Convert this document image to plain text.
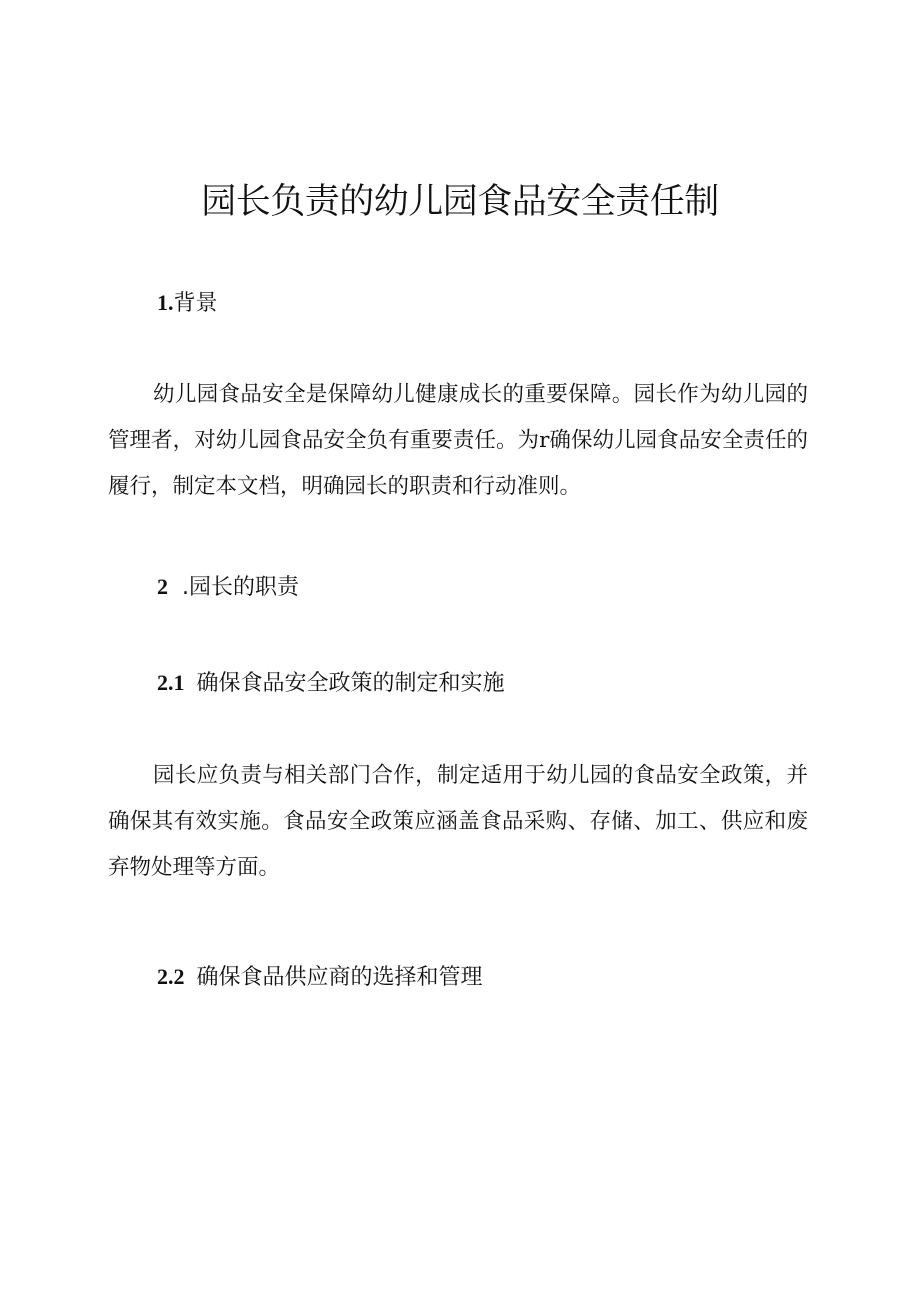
园长负责的幼儿园食品安全责任制
1.背景

幼儿园食品安全是保障幼儿健康成长的重要保障。园长作为幼儿园的管理者，对幼儿园食品安全负有重要责任。为r确保幼儿园食品安全责任的履行，制定本文档，明确园长的职责和行动准则。

2 .园长的职责
2.1 确保食品安全政策的制定和实施

园长应负责与相关部门合作，制定适用于幼儿园的食品安全政策，并确保其有效实施。食品安全政策应涵盖食品采购、存储、加工、供应和废弃物处理等方面。

2.2 确保食品供应商的选择和管理
